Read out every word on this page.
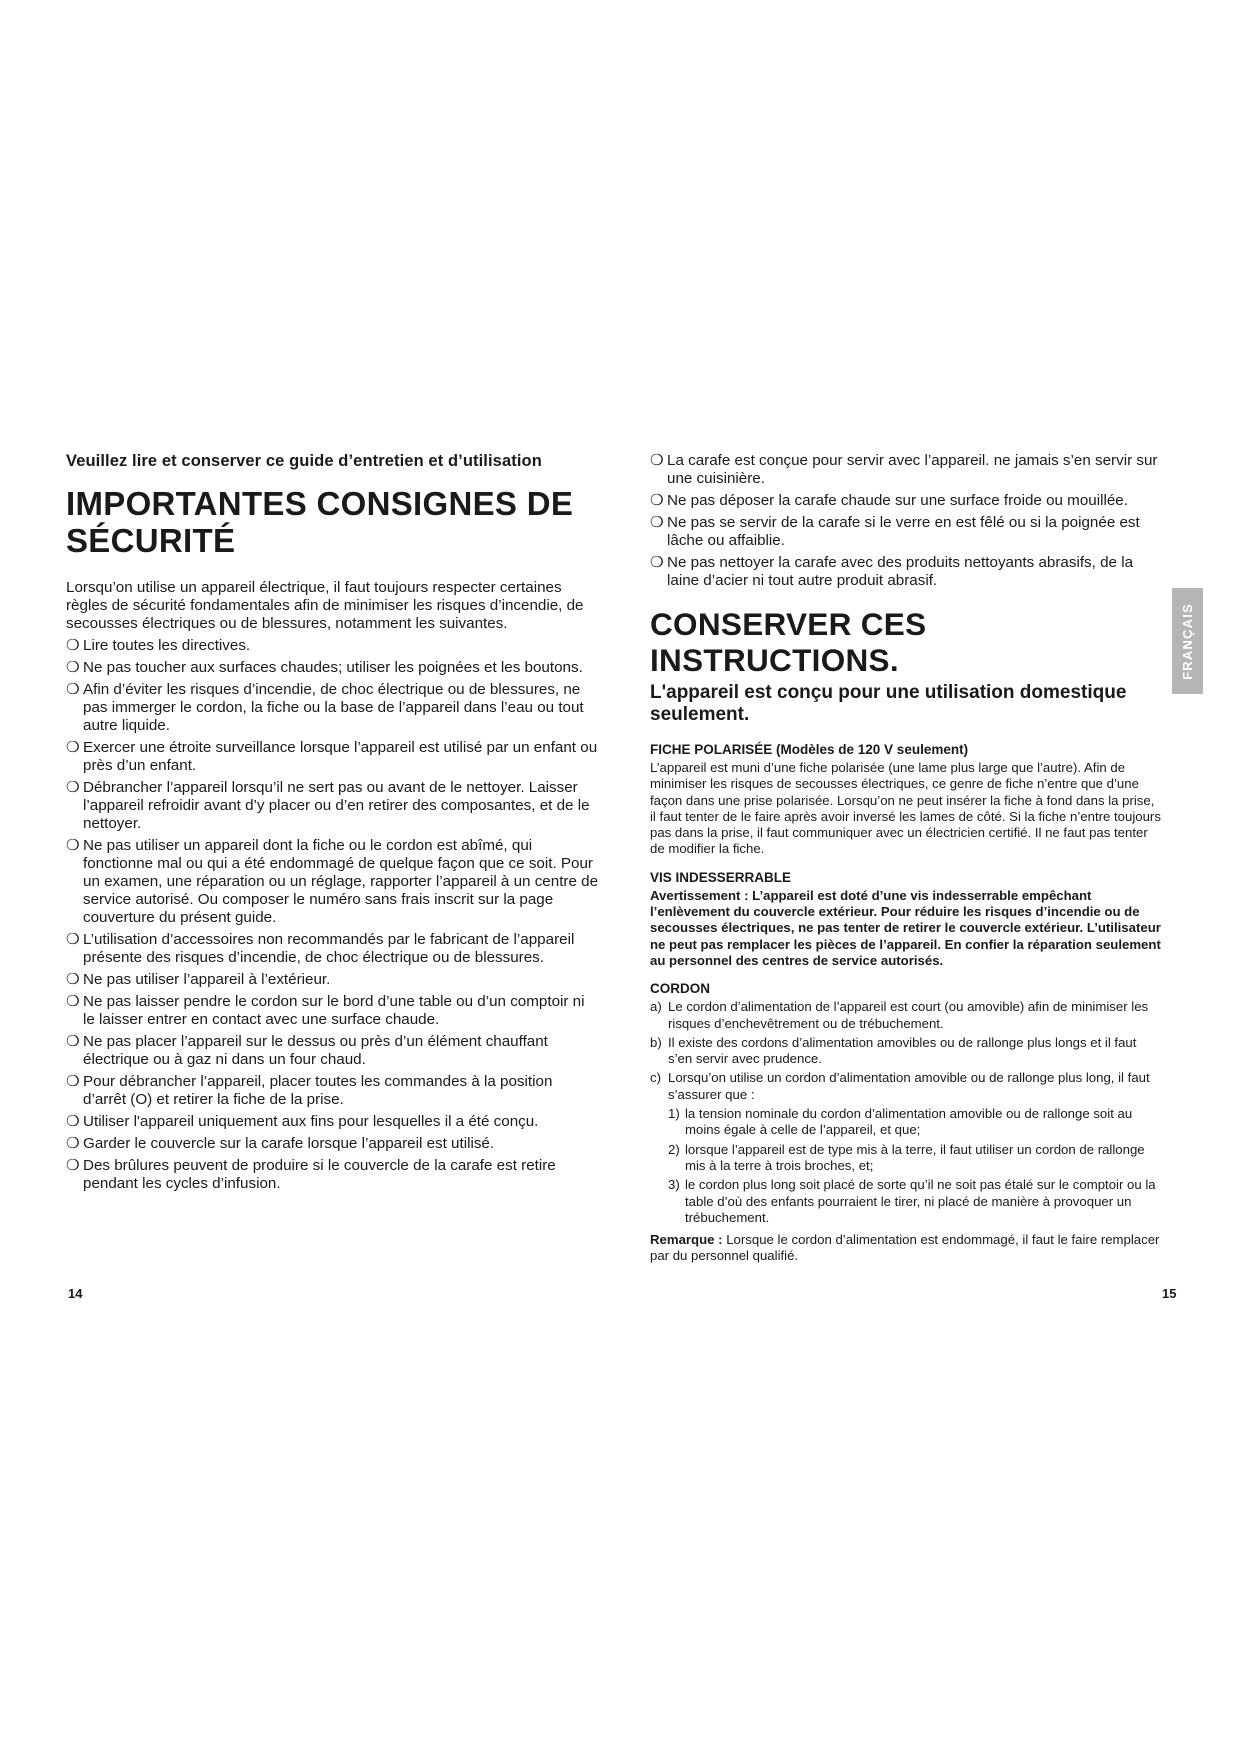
Veuillez lire et conserver ce guide d’entretien et d’utilisation
IMPORTANTES CONSIGNES DE
SÉCURITÉ

Lorsqu’on utilise un appareil électrique, il faut toujours respecter certaines règles de sécurité fondamentales afin de minimiser les risques d’incendie, de secousses électriques ou de blessures, notamment les suivantes.

❍ Lire toutes les directives.
❍ Ne pas toucher aux surfaces chaudes; utiliser les poignées et les boutons.
❍ Afin d’éviter les risques d’incendie, de choc électrique ou de blessures, ne pas immerger le cordon, la fiche ou la base de l’appareil dans l’eau ou tout autre liquide.
❍ Exercer une étroite surveillance lorsque l’appareil est utilisé par un enfant ou près d’un enfant.
❍ Débrancher l’appareil lorsqu’il ne sert pas ou avant de le nettoyer. Laisser l’appareil refroidir avant d’y placer ou d’en retirer des composantes, et de le nettoyer.
❍ Ne pas utiliser un appareil dont la fiche ou le cordon est abîmé, qui fonctionne mal ou qui a été endommagé de quelque façon que ce soit. Pour un examen, une réparation ou un réglage, rapporter l’appareil à un centre de service autorisé. Ou composer le numéro sans frais inscrit sur la page couverture du présent guide.
❍ L’utilisation d’accessoires non recommandés par le fabricant de l’appareil présente des risques d’incendie, de choc électrique ou de blessures.
❍ Ne pas utiliser l’appareil à l’extérieur.
❍ Ne pas laisser pendre le cordon sur le bord d’une table ou d’un comptoir ni le laisser entrer en contact avec une surface chaude.
❍ Ne pas placer l’appareil sur le dessus ou près d’un élément chauffant électrique ou à gaz ni dans un four chaud.
❍ Pour débrancher l’appareil, placer toutes les commandes à la position d’arrêt (O) et retirer la fiche de la prise.
❍ Utiliser l'appareil uniquement aux fins pour lesquelles il a été conçu.
❍ Garder le couvercle sur la carafe lorsque l’appareil est utilisé.
❍ Des brûlures peuvent de produire si le couvercle de la carafe est retire pendant les cycles d’infusion.
❍ La carafe est conçue pour servir avec l’appareil. ne jamais s’en servir sur une cuisinière.
❍ Ne pas déposer la carafe chaude sur une surface froide ou mouillée.
❍ Ne pas se servir de la carafe si le verre en est fêlé ou si la poignée est lâche ou affaiblie.
❍ Ne pas nettoyer la carafe avec des produits nettoyants abrasifs, de la laine d’acier ni tout autre produit abrasif.
CONSERVER CES INSTRUCTIONS.
L'appareil est conçu pour une utilisation domestique seulement.
FICHE POLARISÉE (Modèles de 120 V seulement)

L’appareil est muni d’une fiche polarisée (une lame plus large que l’autre). Afin de minimiser les risques de secousses électriques, ce genre de fiche n’entre que d’une façon dans une prise polarisée. Lorsqu’on ne peut insérer la fiche à fond dans la prise, il faut tenter de le faire après avoir inversé les lames de côté. Si la fiche n’entre toujours pas dans la prise, il faut communiquer avec un électricien certifié. Il ne faut pas tenter de modifier la fiche.

VIS INDESSERRABLE

Avertissement : L’appareil est doté d’une vis indesserrable empêchant l’enlèvement du couvercle extérieur. Pour réduire les risques d’incendie ou de secousses électriques, ne pas tenter de retirer le couvercle extérieur. L’utilisateur ne peut pas remplacer les pièces de l’appareil. En confier la réparation seulement au personnel des centres de service autorisés.

CORDON
a) Le cordon d’alimentation de l’appareil est court (ou amovible) afin de minimiser les risques d’enchevêtrement ou de trébuchement.
b) Il existe des cordons d’alimentation amovibles ou de rallonge plus longs et il faut s’en servir avec prudence.
c) Lorsqu’on utilise un cordon d’alimentation amovible ou de rallonge plus long, il faut s’assurer que :
1) la tension nominale du cordon d’alimentation amovible ou de rallonge soit au moins égale à celle de l’appareil, et que;
2) lorsque l’appareil est de type mis à la terre, il faut utiliser un cordon de rallonge mis à la terre à trois broches, et;
3) le cordon plus long soit placé de sorte qu’il ne soit pas étalé sur le comptoir ou la table d’où des enfants pourraient le tirer, ni placé de manière à provoquer un trébuchement.

Remarque : Lorsque le cordon d’alimentation est endommagé, il faut le faire remplacer par du personnel qualifié.

14	15
FRANÇAIS
